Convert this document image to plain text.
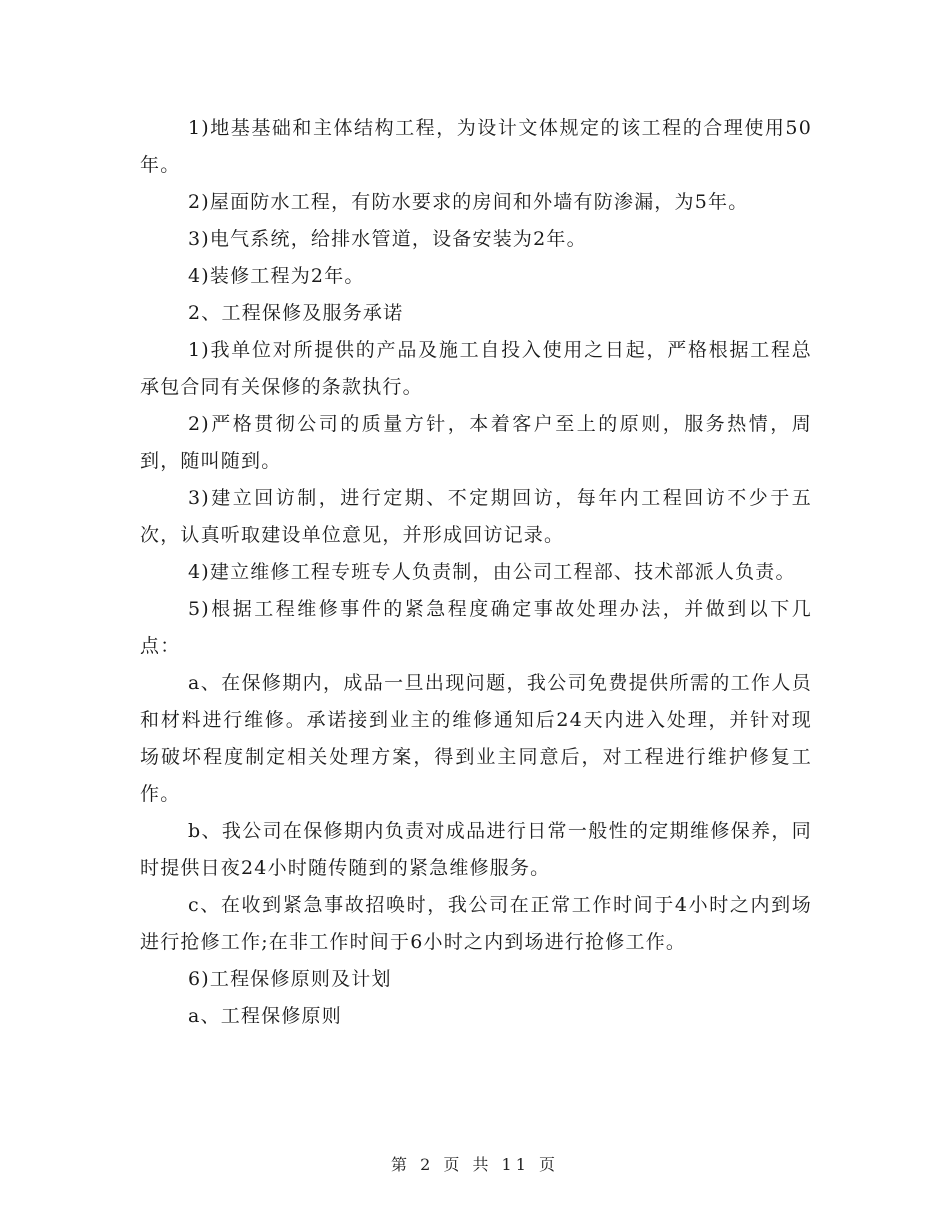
1)地基基础和主体结构工程，为设计文体规定的该工程的合理使用50年。

2)屋面防水工程，有防水要求的房间和外墙有防渗漏，为5年。

3)电气系统，给排水管道，设备安装为2年。

4)装修工程为2年。

2、工程保修及服务承诺

1)我单位对所提供的产品及施工自投入使用之日起，严格根据工程总承包合同有关保修的条款执行。

2)严格贯彻公司的质量方针，本着客户至上的原则，服务热情，周到，随叫随到。

3)建立回访制，进行定期、不定期回访，每年内工程回访不少于五次，认真听取建设单位意见，并形成回访记录。

4)建立维修工程专班专人负责制，由公司工程部、技术部派人负责。

5)根据工程维修事件的紧急程度确定事故处理办法，并做到以下几点：

a、在保修期内，成品一旦出现问题，我公司免费提供所需的工作人员和材料进行维修。承诺接到业主的维修通知后24天内进入处理，并针对现场破坏程度制定相关处理方案，得到业主同意后，对工程进行维护修复工作。

b、我公司在保修期内负责对成品进行日常一般性的定期维修保养，同时提供日夜24小时随传随到的紧急维修服务。

c、在收到紧急事故招唤时，我公司在正常工作时间于4小时之内到场进行抢修工作;在非工作时间于6小时之内到场进行抢修工作。

6)工程保修原则及计划

a、工程保修原则

第 2 页 共 11 页
